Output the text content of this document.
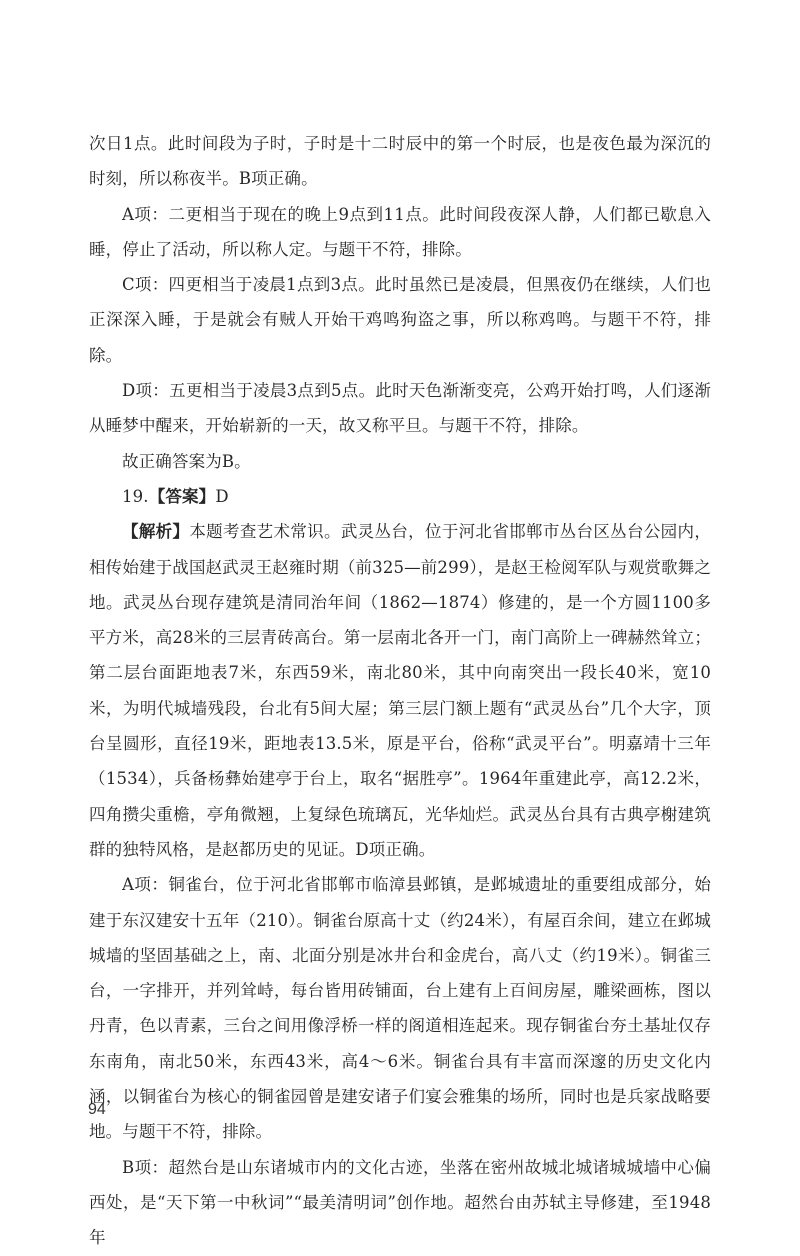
次日1点。此时间段为子时，子时是十二时辰中的第一个时辰，也是夜色最为深沉的时刻，所以称夜半。B项正确。

A项：二更相当于现在的晚上9点到11点。此时间段夜深人静，人们都已歇息入睡，停止了活动，所以称人定。与题干不符，排除。

C项：四更相当于凌晨1点到3点。此时虽然已是凌晨，但黑夜仍在继续，人们也正深深入睡，于是就会有贼人开始干鸡鸣狗盗之事，所以称鸡鸣。与题干不符，排除。

D项：五更相当于凌晨3点到5点。此时天色渐渐变亮，公鸡开始打鸣，人们逐渐从睡梦中醒来，开始崭新的一天，故又称平旦。与题干不符，排除。

故正确答案为B。

19.【答案】D

【解析】本题考查艺术常识。武灵丛台，位于河北省邯郸市丛台区丛台公园内，相传始建于战国赵武灵王赵雍时期（前325—前299），是赵王检阅军队与观赏歌舞之地。武灵丛台现存建筑是清同治年间（1862—1874）修建的，是一个方圆1100多平方米，高28米的三层青砖高台。第一层南北各开一门，南门高阶上一碑赫然耸立；第二层台面距地表7米，东西59米，南北80米，其中向南突出一段长40米，宽10米，为明代城墙残段，台北有5间大屋；第三层门额上题有“武灵丛台”几个大字，顶台呈圆形，直径19米，距地表13.5米，原是平台，俗称“武灵平台”。明嘉靖十三年（1534），兵备杨彝始建亭于台上，取名“据胜亭”。1964年重建此亭，高12.2米，四角攒尖重檐，亭角微翘，上复绿色琉璃瓦，光华灿烂。武灵丛台具有古典亭榭建筑群的独特风格，是赵都历史的见证。D项正确。

A项：铜雀台，位于河北省邯郸市临漳县邺镇，是邺城遗址的重要组成部分，始建于东汉建安十五年（210）。铜雀台原高十丈（约24米），有屋百余间，建立在邺城城墙的坚固基础之上，南、北面分别是冰井台和金虎台，高八丈（约19米）。铜雀三台，一字排开，并列耸峙，每台皆用砖铺面，台上建有上百间房屋，雕梁画栋，图以丹青，色以青素，三台之间用像浮桥一样的阁道相连起来。现存铜雀台夯土基址仅存东南角，南北50米，东西43米，高4～6米。铜雀台具有丰富而深邃的历史文化内涵，以铜雀台为核心的铜雀园曾是建安诸子们宴会雅集的场所，同时也是兵家战略要地。与题干不符，排除。

B项：超然台是山东诸城市内的文化古迹，坐落在密州故城北城诸城城墙中心偏西处，是“天下第一中秋词”“最美清明词”创作地。超然台由苏轼主导修建，至1948年

94
